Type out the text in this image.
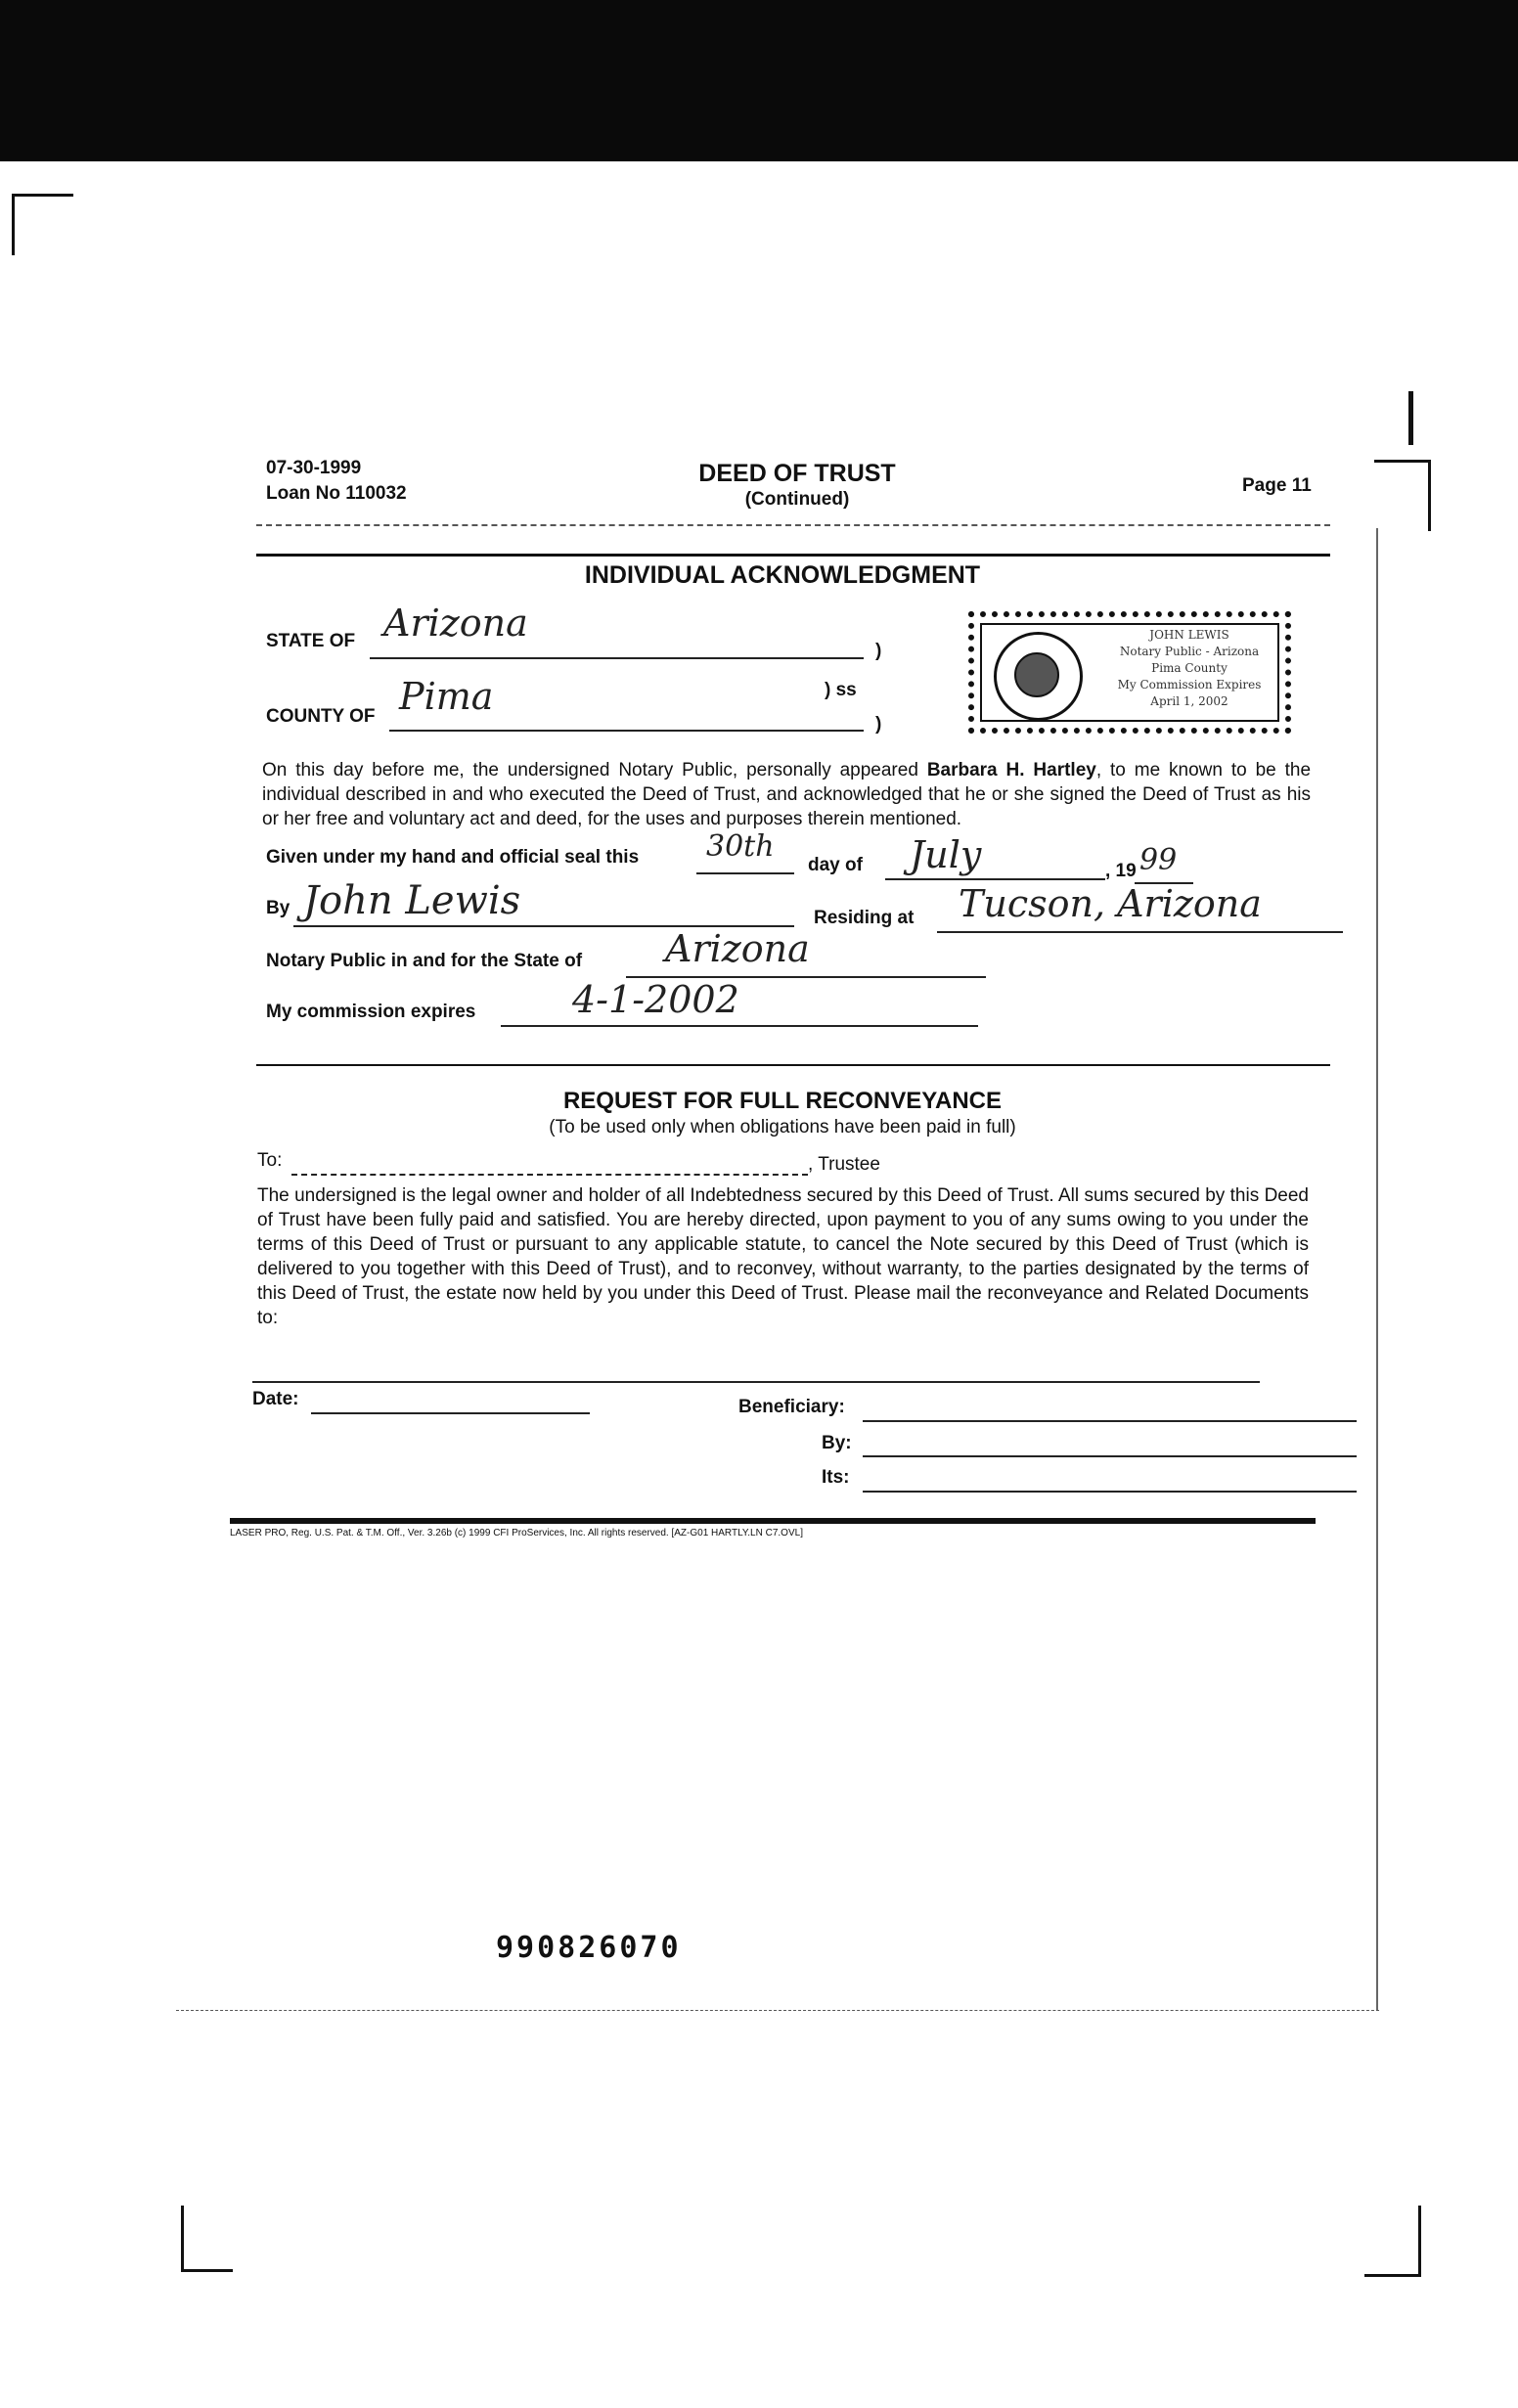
07-30-1999
Loan No 110032
DEED OF TRUST
(Continued)
Page 11
INDIVIDUAL ACKNOWLEDGMENT
STATE OF Arizona
)
) ss
COUNTY OF Pima
)
JOHN LEWIS
Notary Public - Arizona
Pima County
My Commission Expires
April 1, 2002
On this day before me, the undersigned Notary Public, personally appeared Barbara H. Hartley, to me known to be the individual described in and who executed the Deed of Trust, and acknowledged that he or she signed the Deed of Trust as his or her free and voluntary act and deed, for the uses and purposes therein mentioned.
Given under my hand and official seal this 30th
day of July	, 19 99
By John Lewis	Residing at Tucson, Arizona
Notary Public in and for the State of Arizona
My commission expires	4-1-2002
REQUEST FOR FULL RECONVEYANCE
(To be used only when obligations have been paid in full)
To:	, Trustee
The undersigned is the legal owner and holder of all Indebtedness secured by this Deed of Trust. All sums secured by this Deed of Trust have been fully paid and satisfied. You are hereby directed, upon payment to you of any sums owing to you under the terms of this Deed of Trust or pursuant to any applicable statute, to cancel the Note secured by this Deed of Trust (which is delivered to you together with this Deed of Trust), and to reconvey, without warranty, to the parties designated by the terms of this Deed of Trust, the estate now held by you under this Deed of Trust. Please mail the reconveyance and Related Documents to:
Date:	Beneficiary:
By:
Its:
LASER PRO, Reg. U.S. Pat. & T.M. Off., Ver. 3.26b (c) 1999 CFI ProServices, Inc. All rights reserved. [AZ-G01 HARTLY.LN C7.OVL]
990826070
